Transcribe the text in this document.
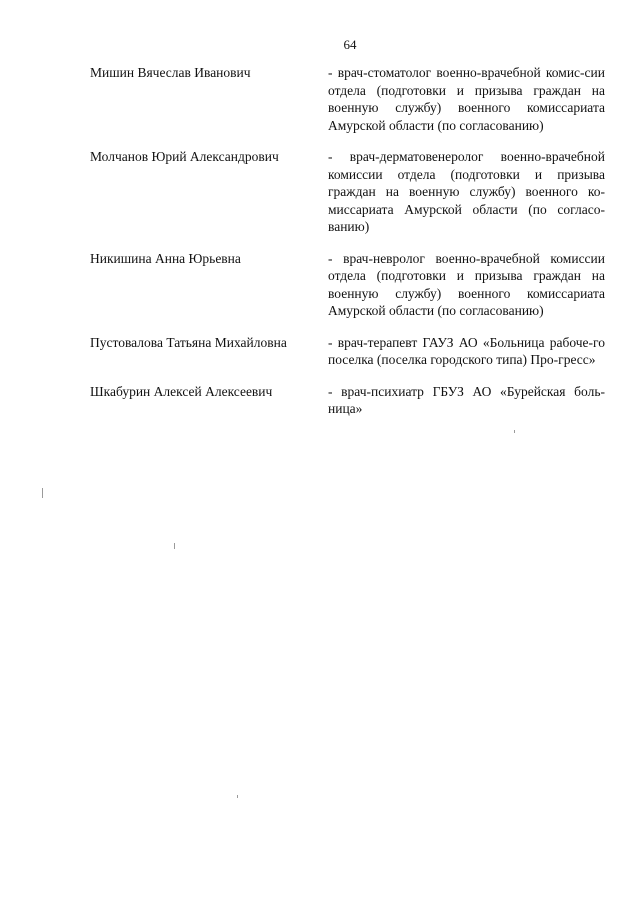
64
Мишин Вячеслав Иванович	- врач-стоматолог военно-врачебной комис-сии отдела (подготовки и призыва граждан на военную службу) военного комиссариата Амурской области (по согласованию)
Молчанов Юрий Александрович	- врач-дерматовенеролог военно-врачебной комиссии отдела (подготовки и призыва граждан на военную службу) военного ко-миссариата Амурской области (по согласо-ванию)
Никишина Анна Юрьевна	- врач-невролог военно-врачебной комиссии отдела (подготовки и призыва граждан на военную службу) военного комиссариата Амурской области (по согласованию)
Пустовалова Татьяна Михайловна	- врач-терапевт ГАУЗ АО «Больница рабоче-го поселка (поселка городского типа) Про-гресс»
Шкабурин Алексей Алексеевич	- врач-психиатр ГБУЗ АО «Бурейская боль-ница»
